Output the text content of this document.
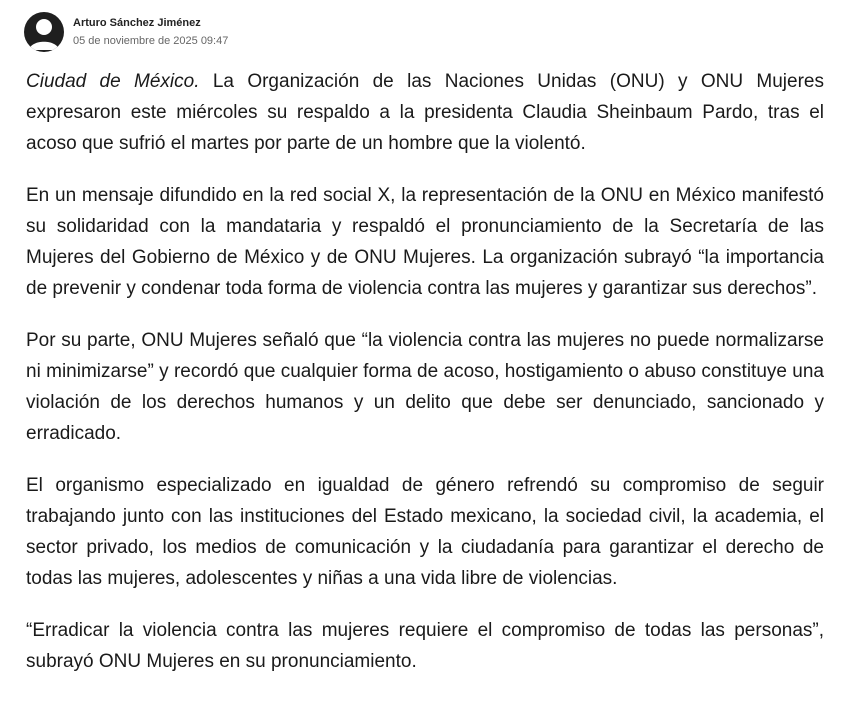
Arturo Sánchez Jiménez
05 de noviembre de 2025 09:47

Ciudad de México. La Organización de las Naciones Unidas (ONU) y ONU Mujeres expresaron este miércoles su respaldo a la presidenta Claudia Sheinbaum Pardo, tras el acoso que sufrió el martes por parte de un hombre que la violentó.

En un mensaje difundido en la red social X, la representación de la ONU en México manifestó su solidaridad con la mandataria y respaldó el pronunciamiento de la Secretaría de las Mujeres del Gobierno de México y de ONU Mujeres. La organización subrayó “la importancia de prevenir y condenar toda forma de violencia contra las mujeres y garantizar sus derechos”.

Por su parte, ONU Mujeres señaló que “la violencia contra las mujeres no puede normalizarse ni minimizarse” y recordó que cualquier forma de acoso, hostigamiento o abuso constituye una violación de los derechos humanos y un delito que debe ser denunciado, sancionado y erradicado.

El organismo especializado en igualdad de género refrendó su compromiso de seguir trabajando junto con las instituciones del Estado mexicano, la sociedad civil, la academia, el sector privado, los medios de comunicación y la ciudadanía para garantizar el derecho de todas las mujeres, adolescentes y niñas a una vida libre de violencias.

“Erradicar la violencia contra las mujeres requiere el compromiso de todas las personas”, subrayó ONU Mujeres en su pronunciamiento.
